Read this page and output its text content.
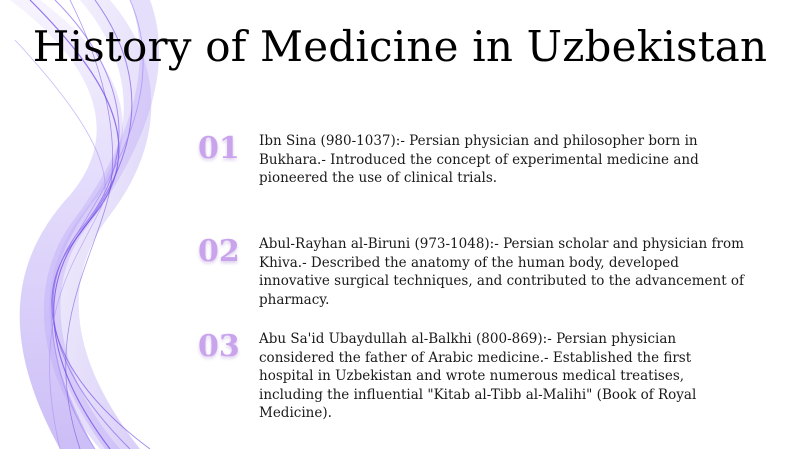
History of Medicine in Uzbekistan
01	Ibn Sina (980-1037):- Persian physician and philosopher born in Bukhara.- Introduced the concept of experimental medicine and pioneered the use of clinical trials.
02	Abul-Rayhan al-Biruni (973-1048):- Persian scholar and physician from Khiva.- Described the anatomy of the human body, developed innovative surgical techniques, and contributed to the advancement of pharmacy.
03	Abu Sa'id Ubaydullah al-Balkhi (800-869):- Persian physician considered the father of Arabic medicine.- Established the first hospital in Uzbekistan and wrote numerous medical treatises, including the influential "Kitab al-Tibb al-Malihi" (Book of Royal Medicine).
